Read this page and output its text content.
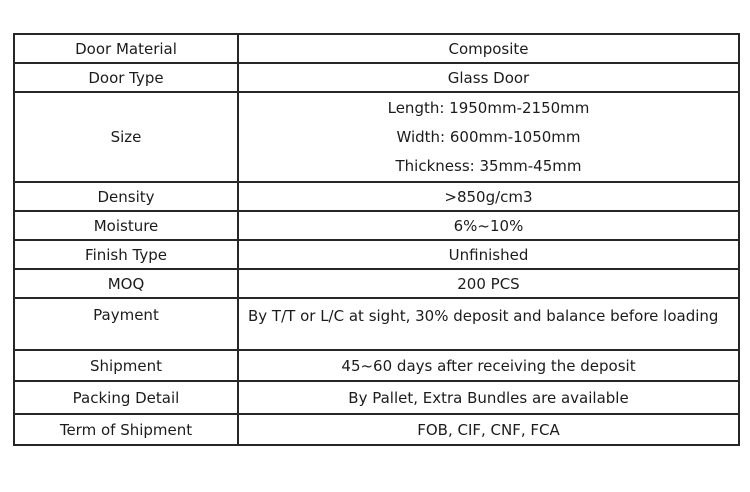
Door Material	Composite
Door Type	Glass Door
Size	Length: 1950mm-2150mm
Width: 600mm-1050mm
Thickness: 35mm-45mm

Density	>850g/cm3
Moisture	6%~10%
Finish Type	Unfinished
MOQ	200 PCS
Payment	By T/T or L/C at sight, 30% deposit and balance before loading
Shipment	45~60 days after receiving the deposit
Packing Detail	By Pallet, Extra Bundles are available
Term of Shipment	FOB, CIF, CNF, FCA
